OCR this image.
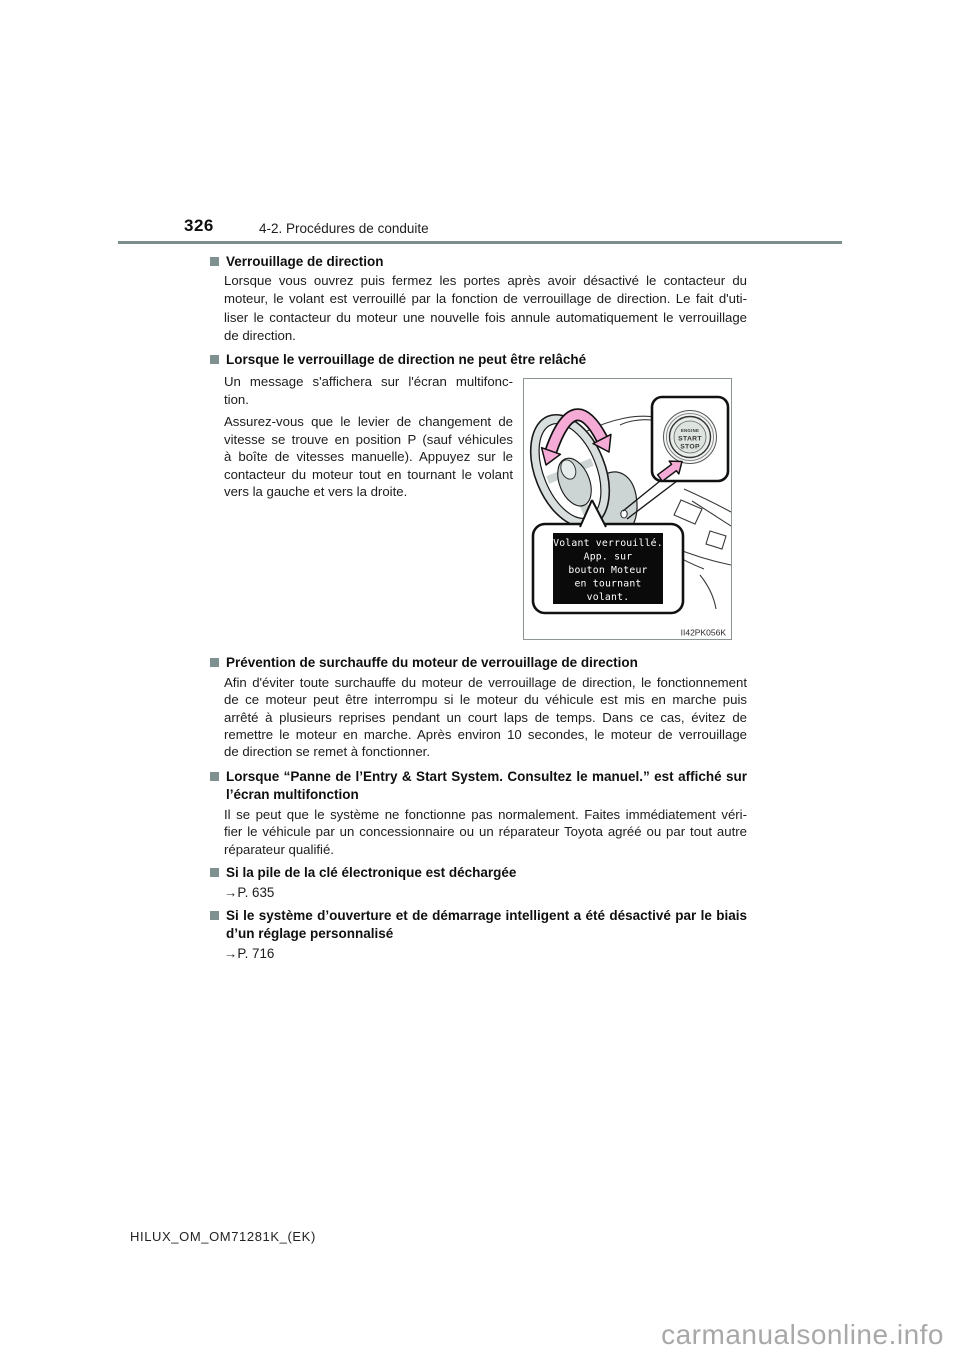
326	4-2. Procédures de conduite
Verrouillage de direction
Lorsque vous ouvrez puis fermez les portes après avoir désactivé le contacteur du
moteur, le volant est verrouillé par la fonction de verrouillage de direction. Le fait d'uti-
liser le contacteur du moteur une nouvelle fois annule automatiquement le verrouillage
de direction.
Lorsque le verrouillage de direction ne peut être relâché
Un message s'affichera sur l'écran multifonc-
tion.
Assurez-vous que le levier de changement de
vitesse se trouve en position P (sauf véhicules
à boîte de vitesses manuelle). Appuyez sur le
contacteur du moteur tout en tournant le volant
vers la gauche et vers la droite.
ENGINE
START
STOP
Volant verrouillé.
App. sur
bouton Moteur
en tournant
volant.
II42PK056K
Prévention de surchauffe du moteur de verrouillage de direction
Afin d'éviter toute surchauffe du moteur de verrouillage de direction, le fonctionnement
de ce moteur peut être interrompu si le moteur du véhicule est mis en marche puis
arrêté à plusieurs reprises pendant un court laps de temps. Dans ce cas, évitez de
remettre le moteur en marche. Après environ 10 secondes, le moteur de verrouillage
de direction se remet à fonctionner.
Lorsque “Panne de l’Entry & Start System. Consultez le manuel.” est affiché sur
l’écran multifonction
Il se peut que le système ne fonctionne pas normalement. Faites immédiatement véri-
fier le véhicule par un concessionnaire ou un réparateur Toyota agréé ou par tout autre
réparateur qualifié.
Si la pile de la clé électronique est déchargée
→P. 635
Si le système d’ouverture et de démarrage intelligent a été désactivé par le biais
d’un réglage personnalisé
→P. 716
HILUX_OM_OM71281K_(EK)
carmanualsonline.info
